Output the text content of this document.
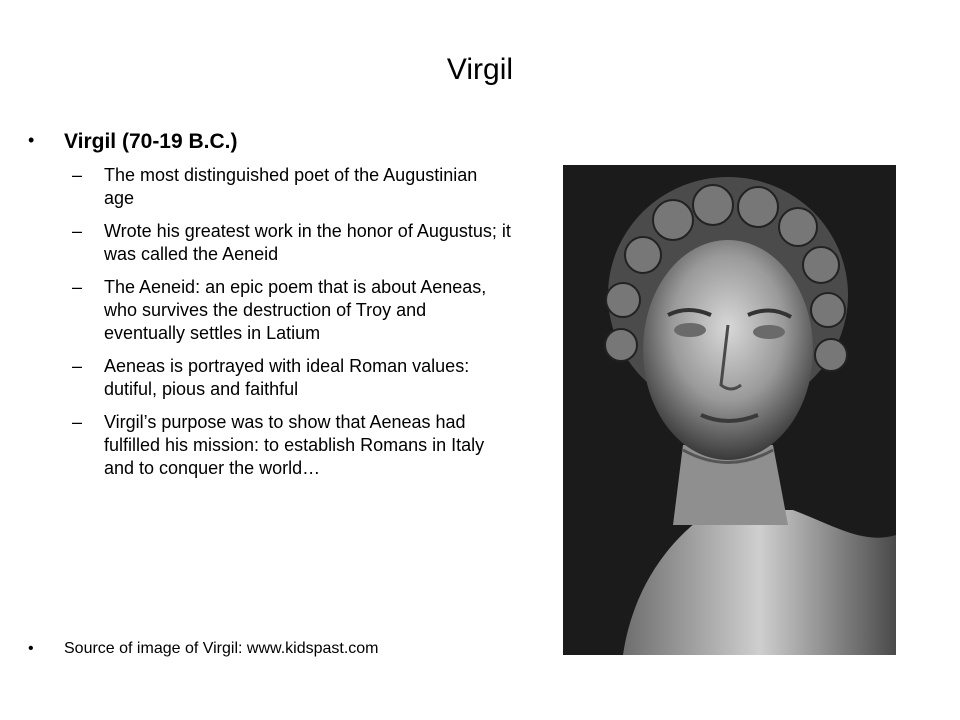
Virgil
• Virgil (70-19 B.C.)
– The most distinguished poet of the Augustinian age
– Wrote his greatest work in the honor of Augustus; it was called the Aeneid
– The Aeneid: an epic poem that is about Aeneas, who survives the destruction of Troy and eventually settles in Latium
– Aeneas is portrayed with ideal Roman values: dutiful, pious and faithful
– Virgil’s purpose was to show that Aeneas had fulfilled his mission: to establish Romans in Italy and to conquer the world…
• Source of image of Virgil: www.kidspast.com
